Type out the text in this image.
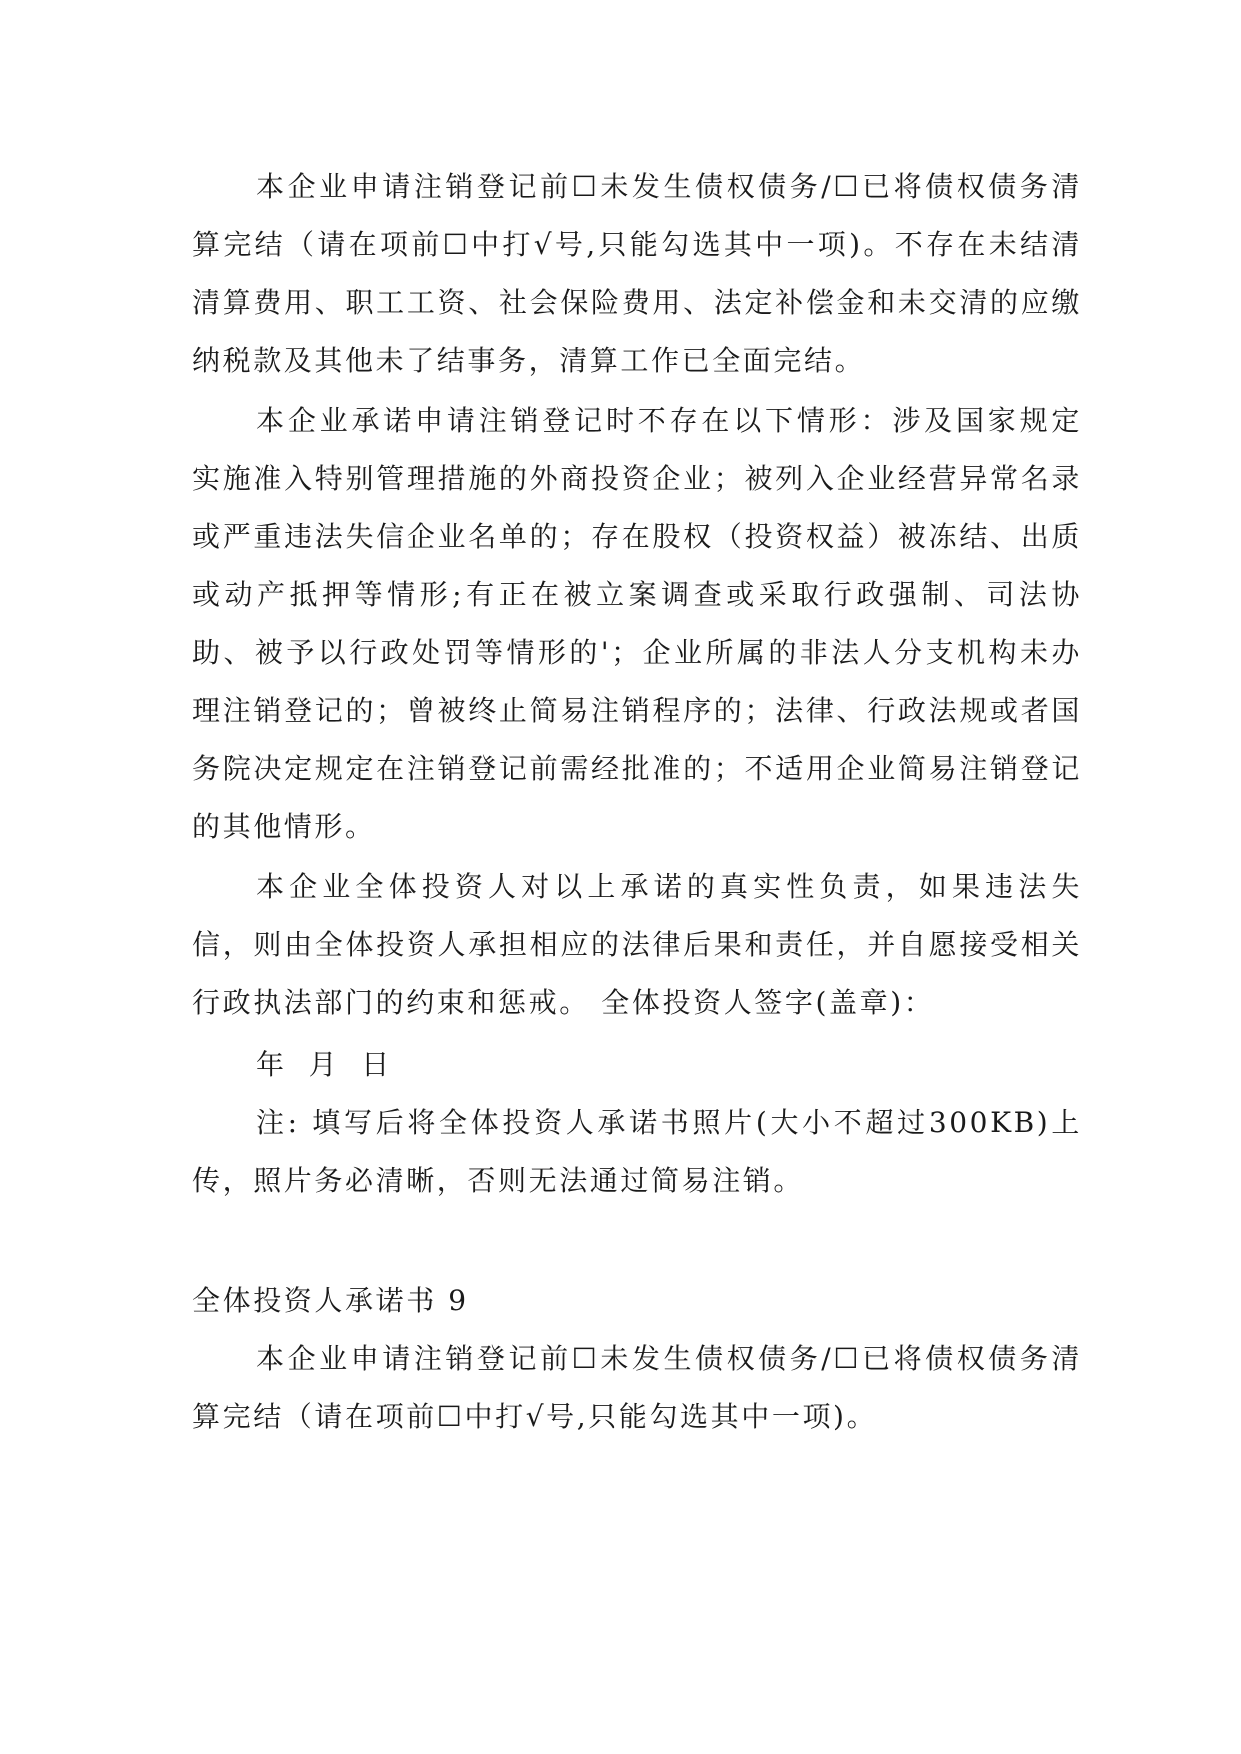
本企业申请注销登记前☐未发生债权债务/☐已将债权债务清算完结（请在项前☐中打√号,只能勾选其中一项)。不存在未结清清算费用、职工工资、社会保险费用、法定补偿金和未交清的应缴纳税款及其他未了结事务，清算工作已全面完结。

本企业承诺申请注销登记时不存在以下情形：涉及国家规定实施准入特别管理措施的外商投资企业；被列入企业经营异常名录或严重违法失信企业名单的；存在股权（投资权益）被冻结、出质或动产抵押等情形;有正在被立案调查或采取行政强制、司法协助、被予以行政处罚等情形的'；企业所属的非法人分支机构未办理注销登记的；曾被终止简易注销程序的；法律、行政法规或者国务院决定规定在注销登记前需经批准的；不适用企业简易注销登记的其他情形。

本企业全体投资人对以上承诺的真实性负责，如果违法失信，则由全体投资人承担相应的法律后果和责任，并自愿接受相关行政执法部门的约束和惩戒。 全体投资人签字(盖章)：

年 月 日

注: 填写后将全体投资人承诺书照片(大小不超过300KB)上传，照片务必清晰，否则无法通过简易注销。

全体投资人承诺书 9

本企业申请注销登记前☐未发生债权债务/☐已将债权债务清算完结（请在项前☐中打√号,只能勾选其中一项)。
